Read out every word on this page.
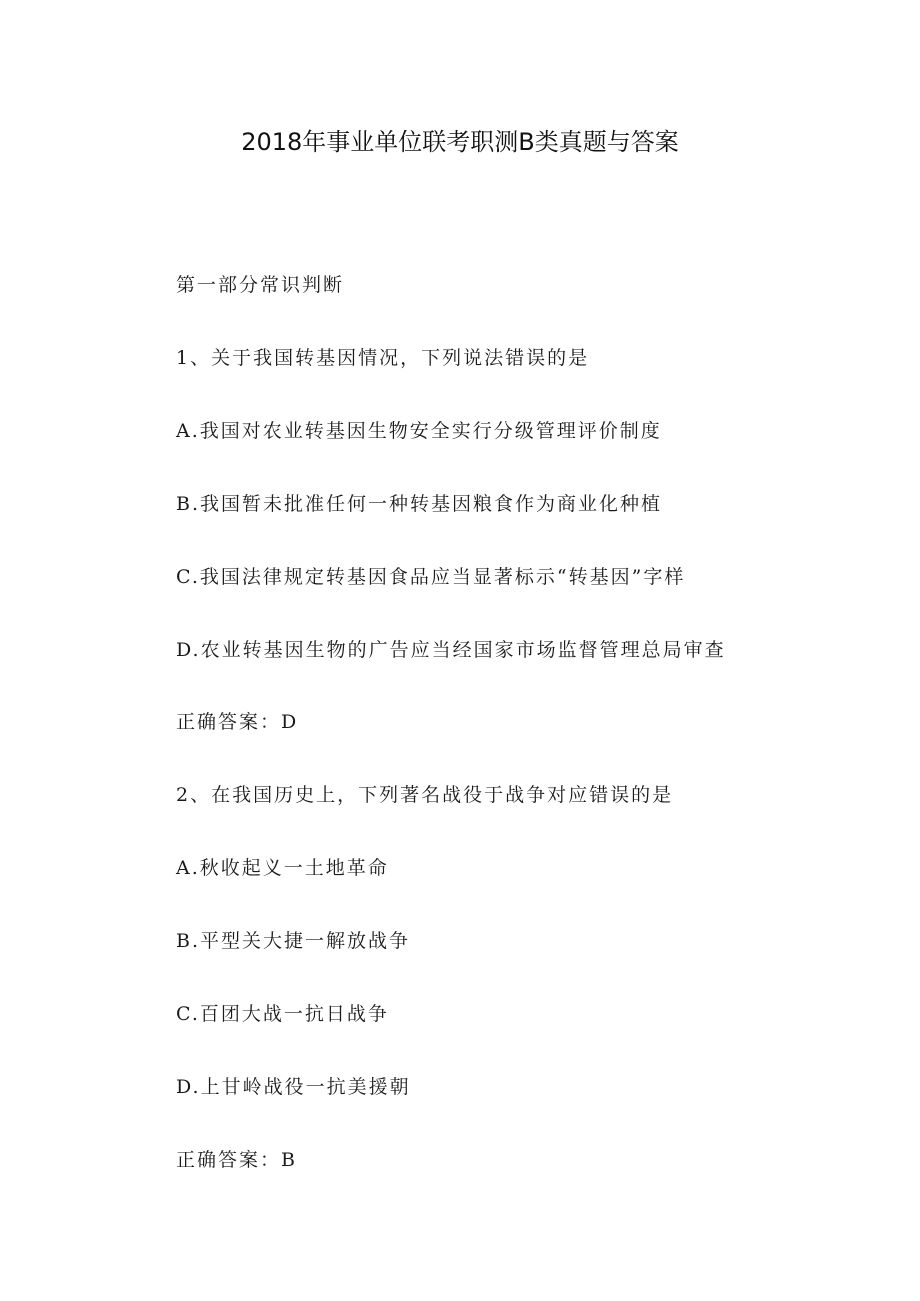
2018年事业单位联考职测B类真题与答案
第一部分常识判断
1、关于我国转基因情况，下列说法错误的是
A.我国对农业转基因生物安全实行分级管理评价制度
B.我国暂未批准任何一种转基因粮食作为商业化种植
C.我国法律规定转基因食品应当显著标示“转基因”字样
D.农业转基因生物的广告应当经国家市场监督管理总局审查
正确答案：D
2、在我国历史上，下列著名战役于战争对应错误的是
A.秋收起义一土地革命
B.平型关大捷一解放战争
C.百团大战一抗日战争
D.上甘岭战役一抗美援朝
正确答案：B
